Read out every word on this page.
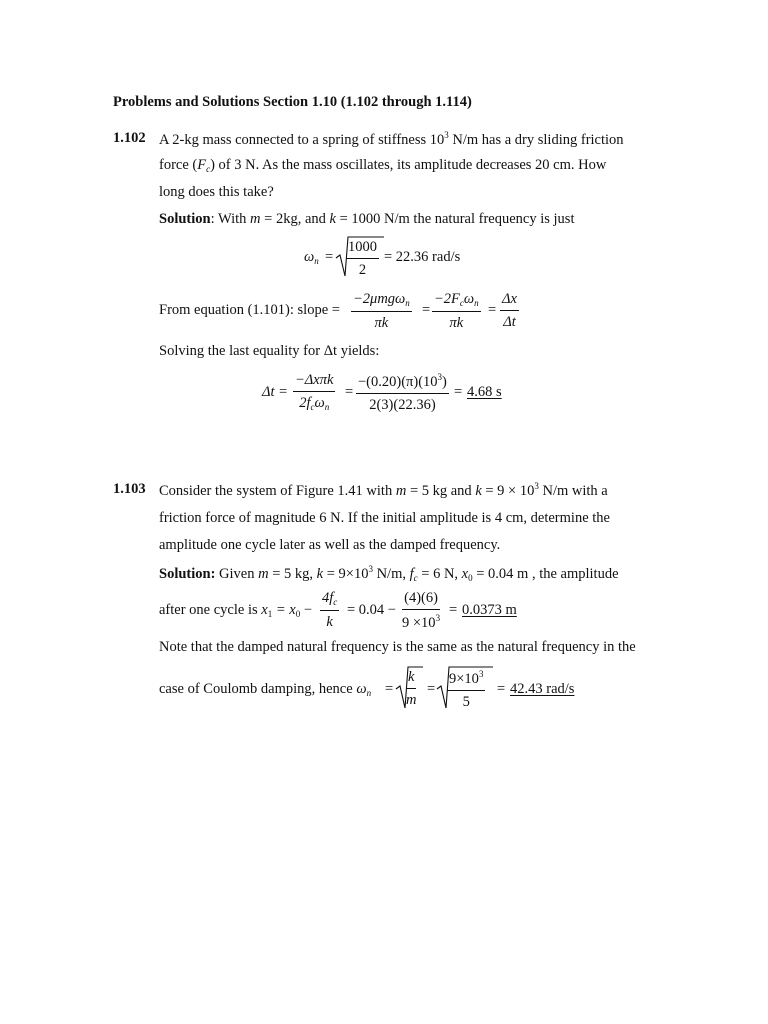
Problems and Solutions Section 1.10 (1.102 through 1.114)
1.102 A 2-kg mass connected to a spring of stiffness $10^3$ N/m has a dry sliding friction
force $(F_c)$ of 3 N. As the mass oscillates, its amplitude decreases 20 cm. How
long does this take?
Solution: With m = 2kg, and k = 1000 N/m the natural frequency is just
$\omega_n = \frac{1000}{2} = 22.36$ rad/s
From equation (1.101): slope =
−2μmgω$_n$
πk
=
$-2F_c\omega_n$
πk
= $\frac{\Delta x}{\Delta t}$
Solving the last equality for Δt yields:
Δt =
−Δxπk
$2f_c\omega_n$
= $\frac{-(0.20)(\pi)(10^3)}{2(3)(22.36)} = 4.68$ s
1.103 Consider the system of Figure 1.41 with m = 5 kg and $k = 9 \times 10^3$ N/m with a
friction force of magnitude 6 N. If the initial amplitude is 4 cm, determine the
amplitude one cycle later as well as the damped frequency.
Solution: Given m = 5 kg, $k = 9\times 10^3$ N/m, $f_c = 6$ N, $x_0 = 0.04$ m , the amplitude
after one cycle is $x_1 = x_0 - \frac{4f_c}{k} = 0.04 - \frac{(4)(6)}{9 \times 10^3} = 0.0373$ m
Note that the damped natural frequency is the same as the natural frequency in the
case of Coulomb damping, hence $\omega_n = \frac{k}{m} = \frac{9\times 10^3}{5} = 42.43$ rad/s
